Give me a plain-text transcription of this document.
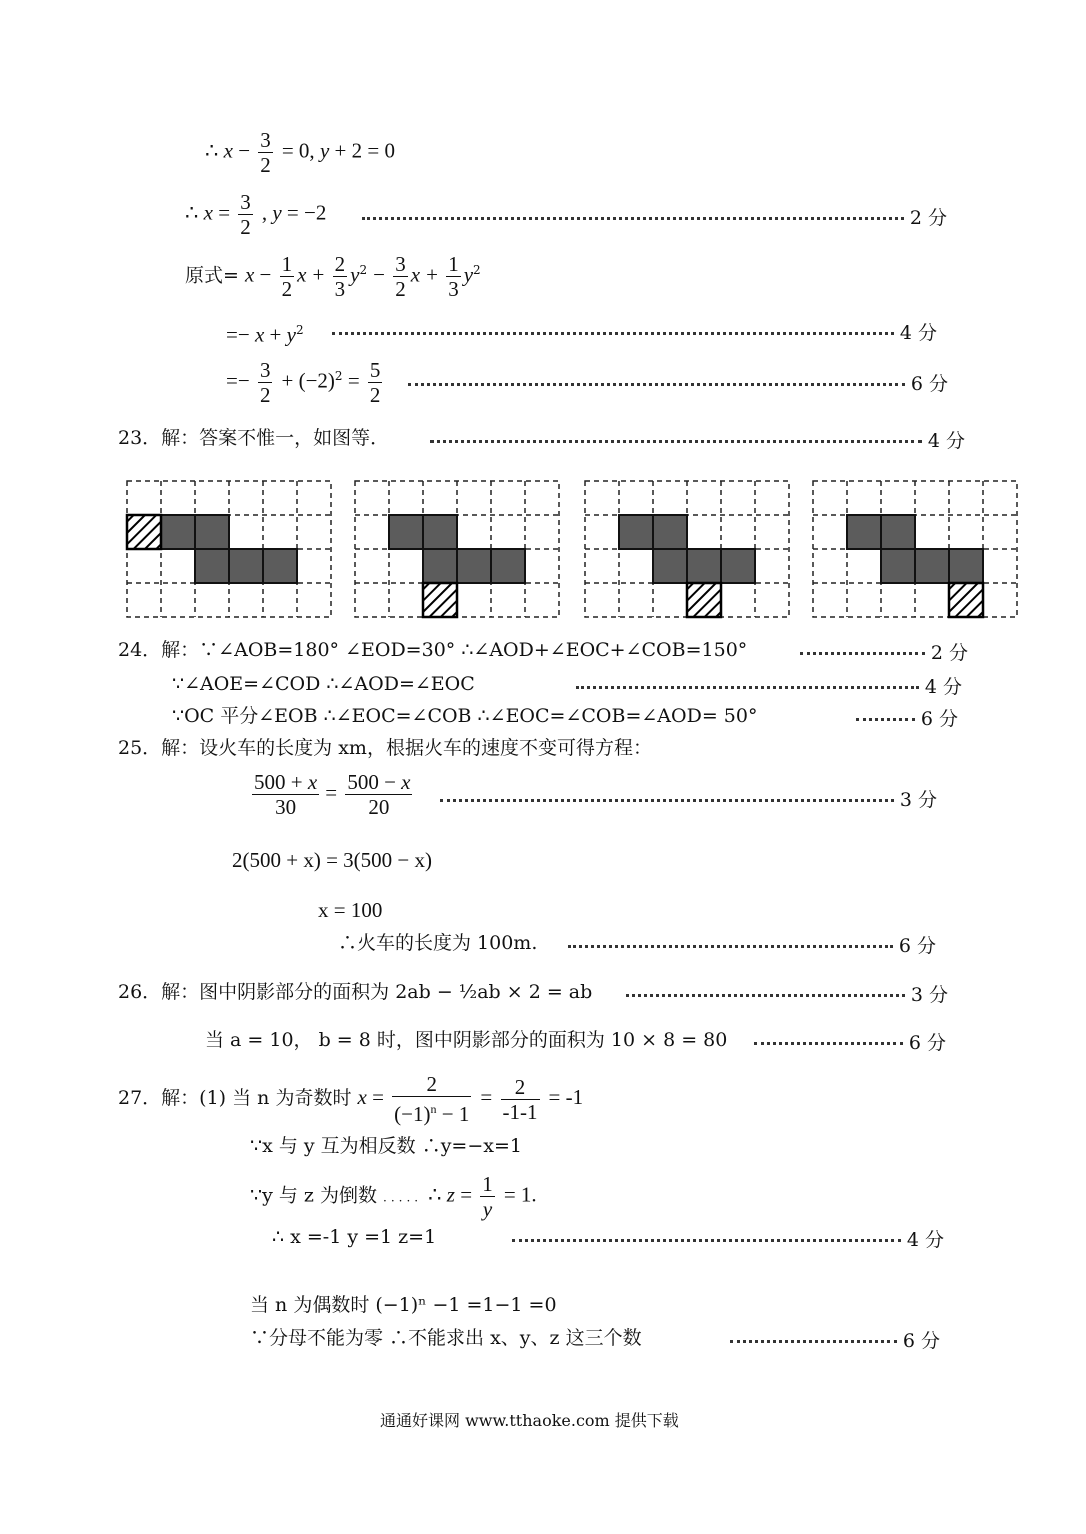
∴ $x - \frac{3}{2} = 0$, y + 2 = 0
∴ $x = \frac{3}{2}$ , y = −2	2 分
原式= $x - \frac{1}{2}$ $x + \frac{2}{3} y^2 - \frac{3}{2}$ $x + \frac{1}{3} y^2$
=− $x + y^2$	4 分
=− $\frac{3}{2} + (-2)^2 = \frac{5}{2}$	6 分
23．解：答案不惟一，如图等．	4 分
24．解：∵∠AOB=180° ∠EOD=30° ∴∠AOD+∠EOC+∠COB=150°	2 分
∵∠AOE=∠COD ∴∠AOD=∠EOC	4 分
∵OC 平分∠EOB ∴∠EOC=∠COB ∴∠EOC=∠COB=∠AOD= 50°	6 分
25．解：设火车的长度为 xm，根据火车的速度不变可得方程：
$\frac{500 + x}{30} = \frac{500 - x}{20}$	3 分
2(500 + x) = 3(500 − x)
x = 100
∴火车的长度为 100m.	6 分
26．解：图中阴影部分的面积为 2ab − ½ab × 2 = ab	3 分
当 a = 10， b = 8 时，图中阴影部分的面积为 10 × 8 = 80	6 分
27．解：(1) 当 n 为奇数时 $x = \frac{2}{(-1)^n - 1} = \frac{2}{-1-1} = -1$
∵x 与 y 互为相反数 ∴y=−x=1
∵y 与 z 为倒数 ..... ∴ $z = \frac{1}{y} = 1$.
∴ x =-1 y =1 z=1	4 分
当 n 为偶数时 (−1)ⁿ −1 =1−1 =0
∵分母不能为零 ∴不能求出 x、y、z 这三个数	6 分
通通好课网 www.tthaoke.com 提供下载
